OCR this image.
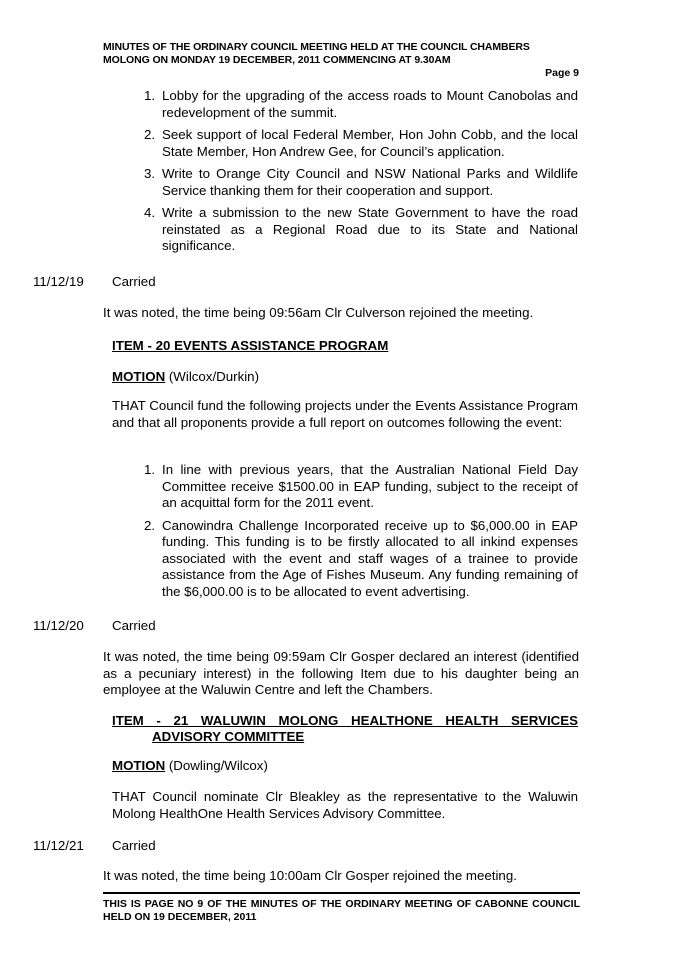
MINUTES OF THE ORDINARY COUNCIL MEETING HELD AT THE COUNCIL CHAMBERS
MOLONG ON MONDAY 19 DECEMBER, 2011 COMMENCING AT 9.30AM
Page 9
1. Lobby for the upgrading of the access roads to Mount Canobolas and redevelopment of the summit.
2. Seek support of local Federal Member, Hon John Cobb, and the local State Member, Hon Andrew Gee, for Council’s application.
3. Write to Orange City Council and NSW National Parks and Wildlife Service thanking them for their cooperation and support.
4. Write a submission to the new State Government to have the road reinstated as a Regional Road due to its State and National significance.
11/12/19 Carried
It was noted, the time being 09:56am Clr Culverson rejoined the meeting.
ITEM - 20 EVENTS ASSISTANCE PROGRAM
MOTION (Wilcox/Durkin)
THAT Council fund the following projects under the Events Assistance Program and that all proponents provide a full report on outcomes following the event:
1. In line with previous years, that the Australian National Field Day Committee receive $1500.00 in EAP funding, subject to the receipt of an acquittal form for the 2011 event.
2. Canowindra Challenge Incorporated receive up to $6,000.00 in EAP funding. This funding is to be firstly allocated to all inkind expenses associated with the event and staff wages of a trainee to provide assistance from the Age of Fishes Museum. Any funding remaining of the $6,000.00 is to be allocated to event advertising.
11/12/20 Carried
It was noted, the time being 09:59am Clr Gosper declared an interest (identified as a pecuniary interest) in the following Item due to his daughter being an employee at the Waluwin Centre and left the Chambers.
ITEM - 21 WALUWIN MOLONG HEALTHONE HEALTH SERVICES
ADVISORY COMMITTEE
MOTION (Dowling/Wilcox)
THAT Council nominate Clr Bleakley as the representative to the Waluwin Molong HealthOne Health Services Advisory Committee.
11/12/21 Carried
It was noted, the time being 10:00am Clr Gosper rejoined the meeting.
THIS IS PAGE NO 9 OF THE MINUTES OF THE ORDINARY MEETING OF CABONNE COUNCIL HELD ON 19 DECEMBER, 2011
